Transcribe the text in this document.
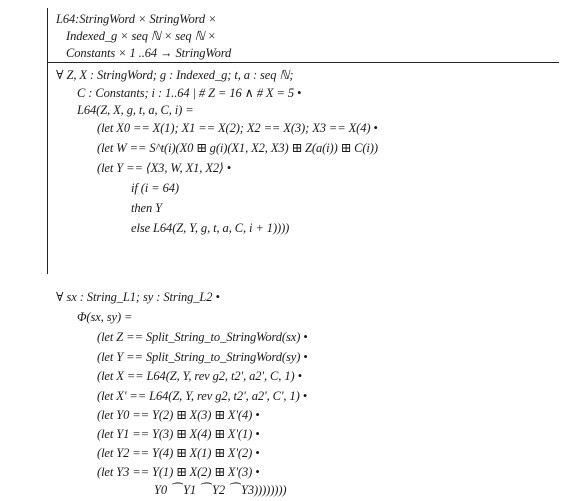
L64:StringWord × StringWord ×
Indexed_g × seq ℕ × seq ℕ ×
Constants × 1 ..64 → StringWord
∀ Z, X : StringWord; g : Indexed_g; t, a : seq ℕ;
C : Constants; i : 1..64 | # Z = 16 ∧ # X = 5 •
L64(Z, X, g, t, a, C, i) =
(let X0 == X(1); X1 == X(2); X2 == X(3); X3 == X(4) •
(let W == S^t(i)(X0 ⊞ g(i)(X1, X2, X3) ⊞ Z(a(i)) ⊞ C(i))
(let Y == ⟨X3, W, X1, X2⟩ •
if (i = 64)
then Y
else L64(Z, Y, g, t, a, C, i + 1))))
∀ sx : String_L1; sy : String_L2 •
Φ(sx, sy) =
(let Z == Split_String_to_StringWord(sx) •
(let Y == Split_String_to_StringWord(sy) •
(let X == L64(Z, Y, rev g2, t2', a2', C, 1) •
(let X' == L64(Z, Y, rev g2, t2', a2', C', 1) •
(let Y0 == Y(2) ⊞ X(3) ⊞ X'(4) •
(let Y1 == Y(3) ⊞ X(4) ⊞ X'(1) •
(let Y2 == Y(4) ⊞ X(1) ⊞ X'(2) •
(let Y3 == Y(1) ⊞ X(2) ⊞ X'(3) •
Y0 ⁀ Y1 ⁀ Y2 ⁀ Y3))))))))
